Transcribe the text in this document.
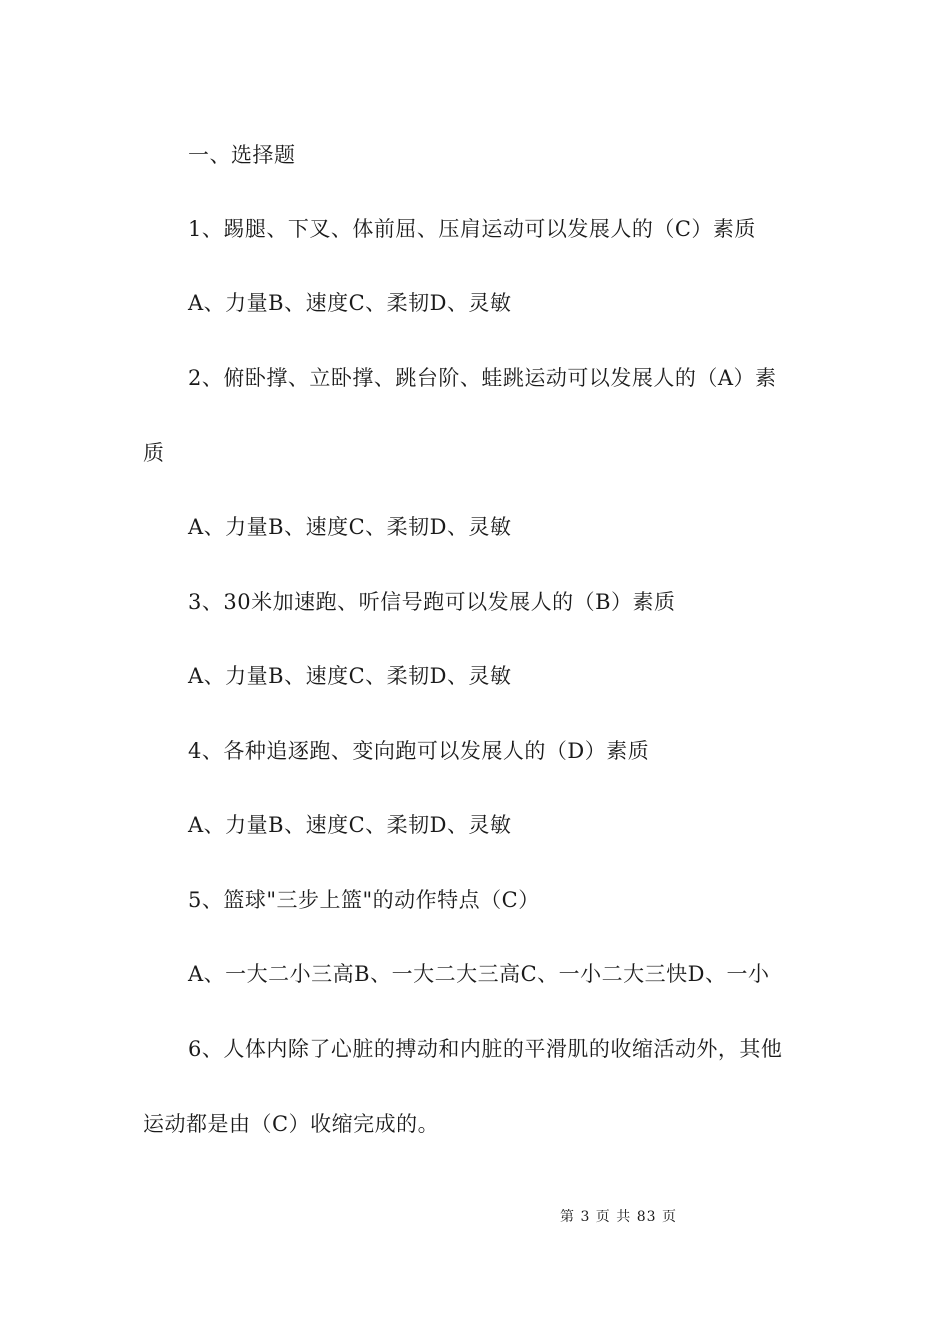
一、选择题
1、踢腿、下叉、体前屈、压肩运动可以发展人的（C）素质
A、力量B、速度C、柔韧D、灵敏
2、俯卧撑、立卧撑、跳台阶、蛙跳运动可以发展人的（A）素
质
A、力量B、速度C、柔韧D、灵敏
3、30米加速跑、听信号跑可以发展人的（B）素质
A、力量B、速度C、柔韧D、灵敏
4、各种追逐跑、变向跑可以发展人的（D）素质
A、力量B、速度C、柔韧D、灵敏
5、篮球"三步上篮"的动作特点（C）
A、一大二小三高B、一大二大三高C、一小二大三快D、一小
6、人体内除了心脏的搏动和内脏的平滑肌的收缩活动外，其他
运动都是由（C）收缩完成的。
第 3 页 共 83 页
